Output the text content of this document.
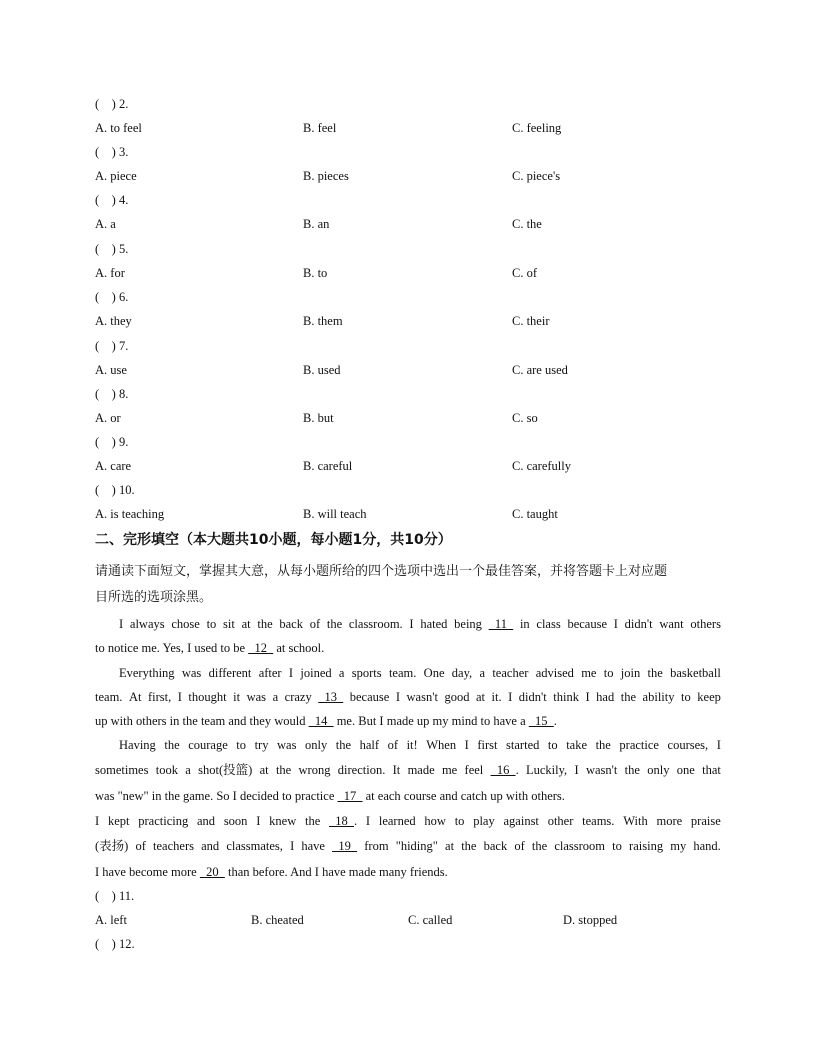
(　) 2.
A. to feel	B. feel	C. feeling
(　) 3.
A. piece	B. pieces	C. piece's
(　) 4.
A. a	B. an	C. the
(　) 5.
A. for	B. to	C. of
(　) 6.
A. they	B. them	C. their
(　) 7.
A. use	B. used	C. are used
(　) 8.
A. or	B. but	C. so
(　) 9.
A. care	B. careful	C. carefully
(　) 10.
A. is teaching	B. will teach	C. taught
二、完形填空（本大题共10小题，每小题1分，共10分）
请通读下面短文，掌握其大意，从每小题所给的四个选项中选出一个最佳答案，并将答题卡上对应题
目所选的选项涂黑。
I always chose to sit at the back of the classroom. I hated being 11 in class because I didn't want others
to notice me. Yes, I used to be   12   at school.
Everything was different after I joined a sports team. One day, a teacher advised me to join the basketball
team. At first, I thought it was a crazy 13 because I wasn't good at it. I didn't think I had the ability to keep
up with others in the team and they would   14   me. But I made up my mind to have a   15  .
Having the courage to try was only the half of it! When I first started to take the practice courses, I
sometimes took a shot(投篮) at the wrong direction. It made me feel 16  . Luckily, I wasn't the only one that
was "new" in the game. So I decided to practice   17   at each course and catch up with others.
I kept practicing and soon I knew the 18  . I learned how to play against other teams. With more praise
(表扬) of teachers and classmates, I have 19 from "hiding" at the back of the classroom to raising my hand.
I have become more   20   than before. And I have made many friends.
(　) 11.
A. left	B. cheated	C. called	D. stopped
(　) 12.
